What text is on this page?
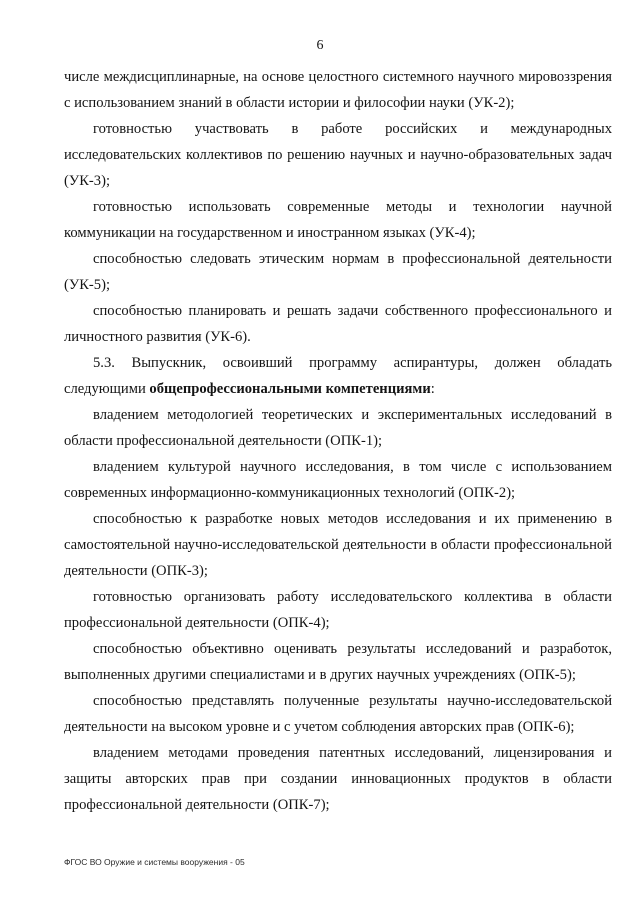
6

числе междисциплинарные, на основе целостного системного научного мировоззрения с использованием знаний в области истории и философии науки (УК-2);

готовностью участвовать в работе российских и международных исследовательских коллективов по решению научных и научно-образовательных задач (УК-3);

готовностью использовать современные методы и технологии научной коммуникации на государственном и иностранном языках (УК-4);

способностью следовать этическим нормам в профессиональной деятельности (УК-5);

способностью планировать и решать задачи собственного профессионального и личностного развития (УК-6).

5.3. Выпускник, освоивший программу аспирантуры, должен обладать следующими общепрофессиональными компетенциями:

владением методологией теоретических и экспериментальных исследований в области профессиональной деятельности (ОПК-1);

владением культурой научного исследования, в том числе с использованием современных информационно-коммуникационных технологий (ОПК-2);

способностью к разработке новых методов исследования и их применению в самостоятельной научно-исследовательской деятельности в области профессиональной деятельности (ОПК-3);

готовностью организовать работу исследовательского коллектива в области профессиональной деятельности (ОПК-4);

способностью объективно оценивать результаты исследований и разработок, выполненных другими специалистами и в других научных учреждениях (ОПК-5);

способностью представлять полученные результаты научно-исследовательской деятельности на высоком уровне и с учетом соблюдения авторских прав (ОПК-6);

владением методами проведения патентных исследований, лицензирования и защиты авторских прав при создании инновационных продуктов в области профессиональной деятельности (ОПК-7);

ФГОС ВО Оружие и системы вооружения - 05
